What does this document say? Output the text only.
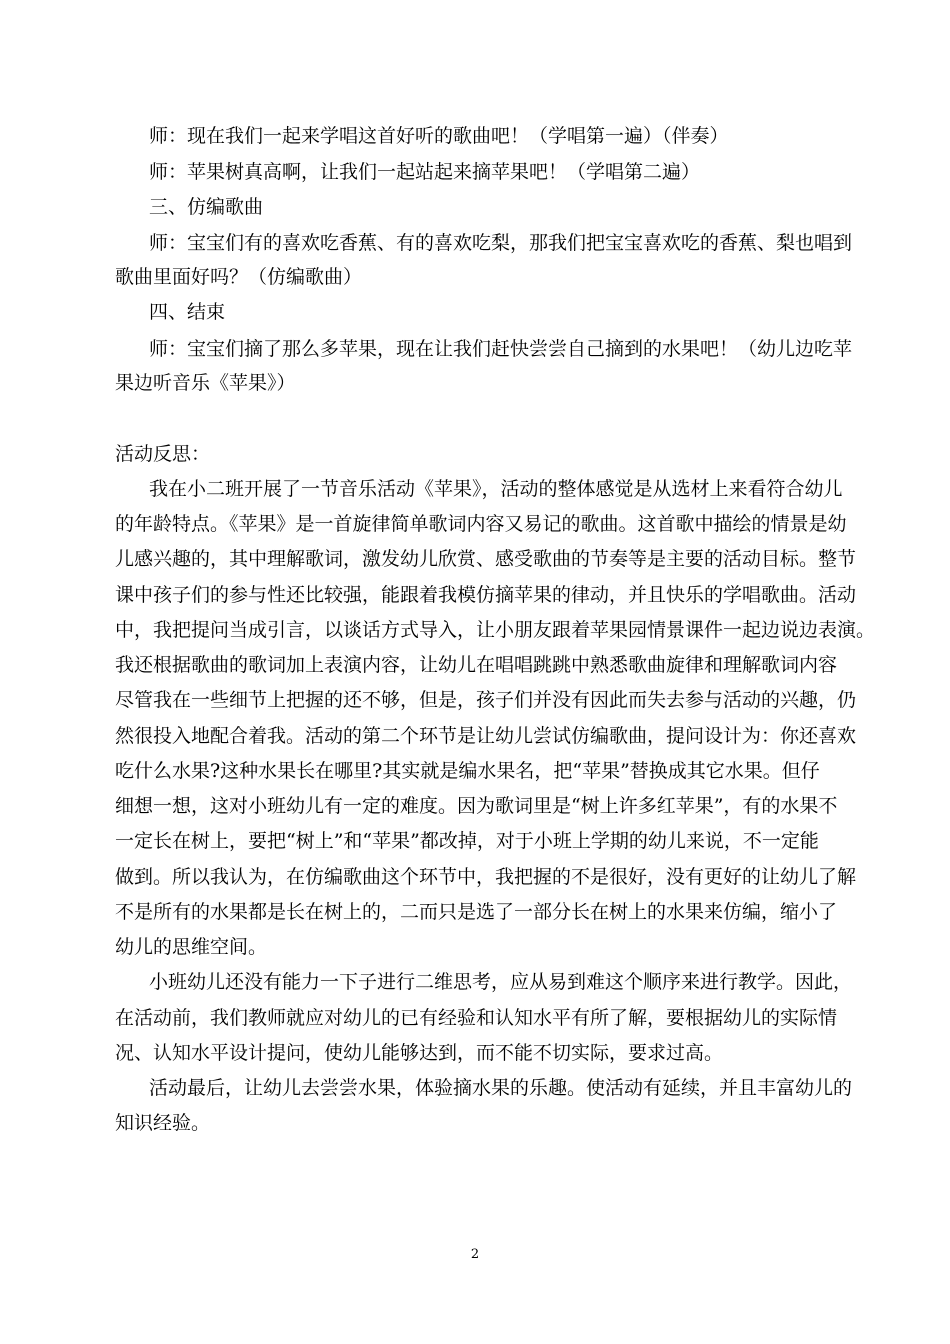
师：现在我们一起来学唱这首好听的歌曲吧！（学唱第一遍）（伴奏）
师：苹果树真高啊，让我们一起站起来摘苹果吧！（学唱第二遍）
三、仿编歌曲
师：宝宝们有的喜欢吃香蕉、有的喜欢吃梨，那我们把宝宝喜欢吃的香蕉、梨也唱到
歌曲里面好吗？（仿编歌曲）
四、结束
师：宝宝们摘了那么多苹果，现在让我们赶快尝尝自己摘到的水果吧！（幼儿边吃苹
果边听音乐《苹果》）
活动反思：
我在小二班开展了一节音乐活动《苹果》，活动的整体感觉是从选材上来看符合幼儿
的年龄特点。《苹果》是一首旋律简单歌词内容又易记的歌曲。这首歌中描绘的情景是幼
儿感兴趣的，其中理解歌词，激发幼儿欣赏、感受歌曲的节奏等是主要的活动目标。整节
课中孩子们的参与性还比较强，能跟着我模仿摘苹果的律动，并且快乐的学唱歌曲。活动
中，我把提问当成引言，以谈话方式导入，让小朋友跟着苹果园情景课件一起边说边表演。
我还根据歌曲的歌词加上表演内容，让幼儿在唱唱跳跳中熟悉歌曲旋律和理解歌词内容
尽管我在一些细节上把握的还不够，但是，孩子们并没有因此而失去参与活动的兴趣，仍
然很投入地配合着我。活动的第二个环节是让幼儿尝试仿编歌曲，提问设计为：你还喜欢
吃什么水果?这种水果长在哪里?其实就是编水果名，把“苹果”替换成其它水果。但仔
细想一想，这对小班幼儿有一定的难度。因为歌词里是“树上许多红苹果”，有的水果不
一定长在树上，要把“树上”和“苹果”都改掉，对于小班上学期的幼儿来说，不一定能
做到。所以我认为，在仿编歌曲这个环节中，我把握的不是很好，没有更好的让幼儿了解
不是所有的水果都是长在树上的，二而只是选了一部分长在树上的水果来仿编，缩小了
幼儿的思维空间。
小班幼儿还没有能力一下子进行二维思考，应从易到难这个顺序来进行教学。因此，
在活动前，我们教师就应对幼儿的已有经验和认知水平有所了解，要根据幼儿的实际情
况、认知水平设计提问，使幼儿能够达到，而不能不切实际，要求过高。
活动最后，让幼儿去尝尝水果，体验摘水果的乐趣。使活动有延续，并且丰富幼儿的
知识经验。
2
